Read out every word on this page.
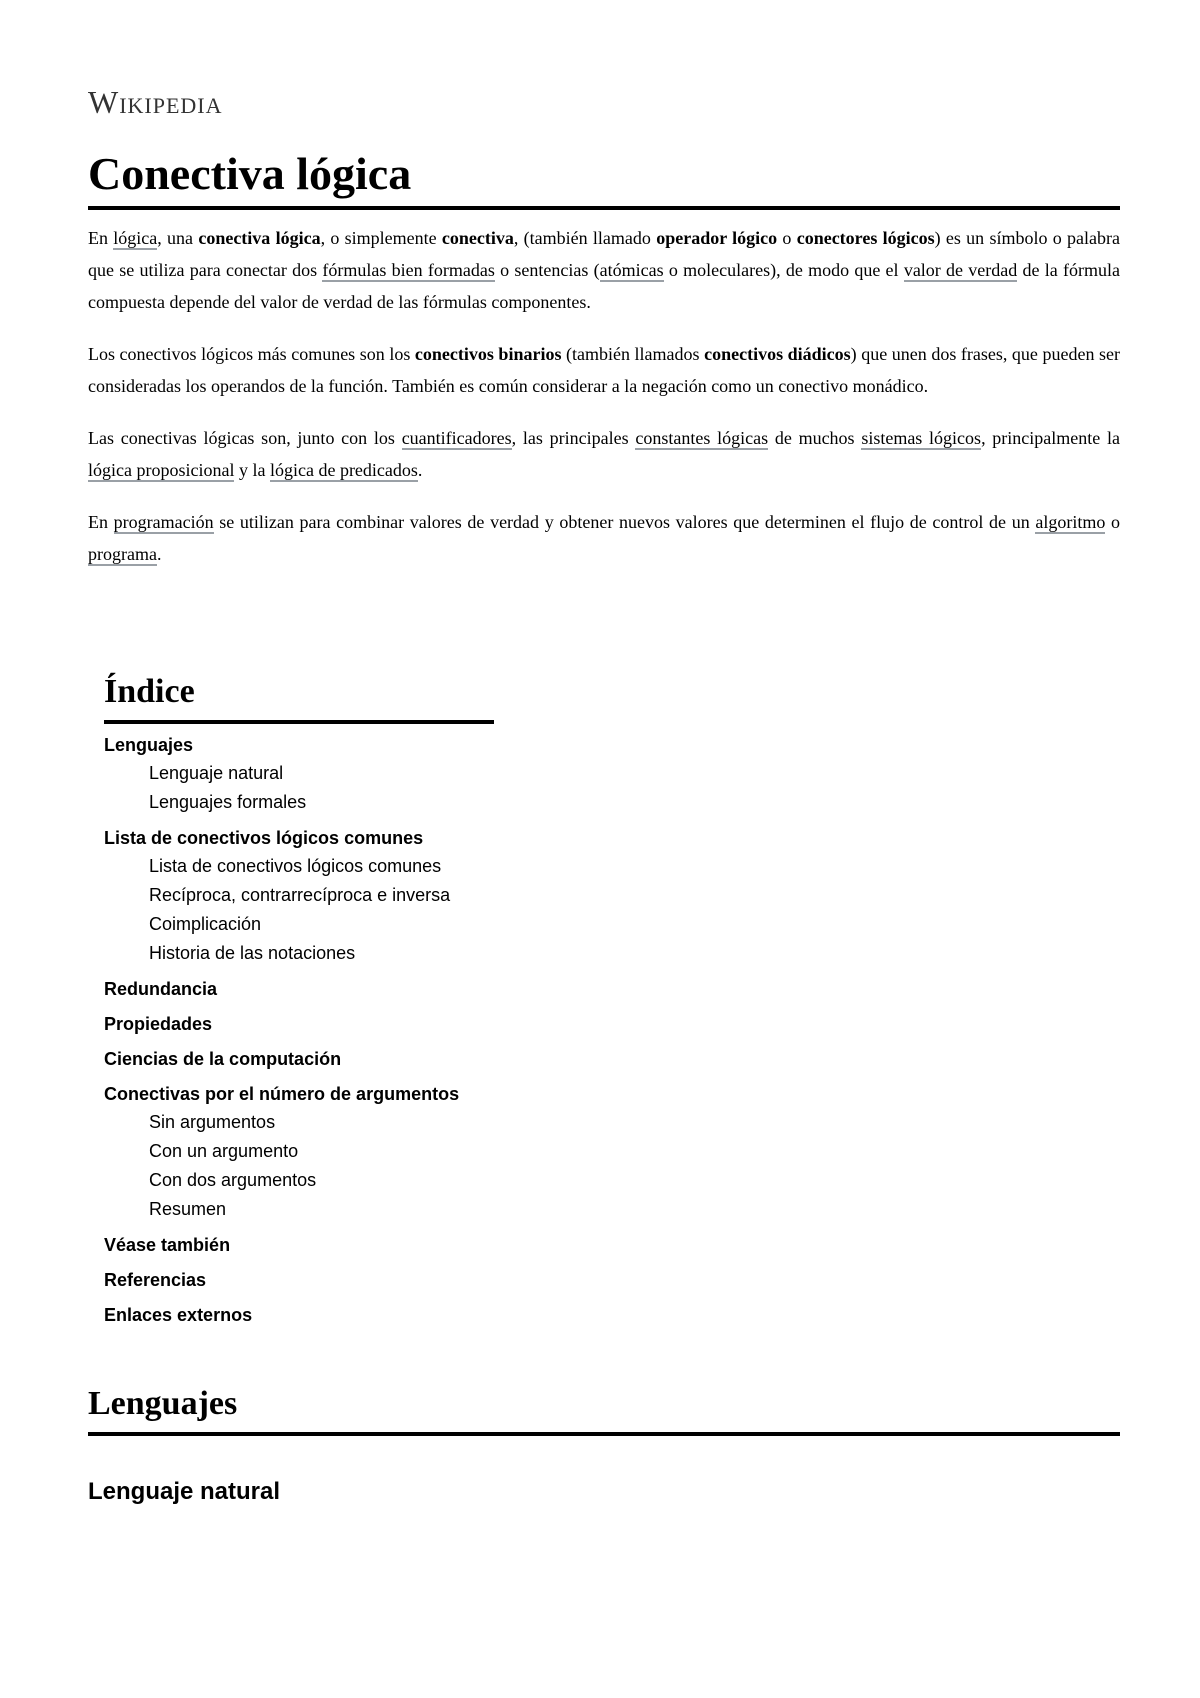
Wikipedia
Conectiva lógica

En lógica, una conectiva lógica, o simplemente conectiva, (también llamado operador lógico o conectores lógicos) es un símbolo o palabra que se utiliza para conectar dos fórmulas bien formadas o sentencias (atómicas o moleculares), de modo que el valor de verdad de la fórmula compuesta depende del valor de verdad de las fórmulas componentes.

Los conectivos lógicos más comunes son los conectivos binarios (también llamados conectivos diádicos) que unen dos frases, que pueden ser consideradas los operandos de la función. También es común considerar a la negación como un conectivo monádico.

Las conectivas lógicas son, junto con los cuantificadores, las principales constantes lógicas de muchos sistemas lógicos, principalmente la lógica proposicional y la lógica de predicados.

En programación se utilizan para combinar valores de verdad y obtener nuevos valores que determinen el flujo de control de un algoritmo o programa.

Índice
Lenguajes
Lenguaje natural
Lenguajes formales
Lista de conectivos lógicos comunes
Lista de conectivos lógicos comunes
Recíproca, contrarrecíproca e inversa
Coimplicación
Historia de las notaciones
Redundancia
Propiedades
Ciencias de la computación
Conectivas por el número de argumentos
Sin argumentos
Con un argumento
Con dos argumentos
Resumen
Véase también
Referencias
Enlaces externos
Lenguajes
Lenguaje natural
